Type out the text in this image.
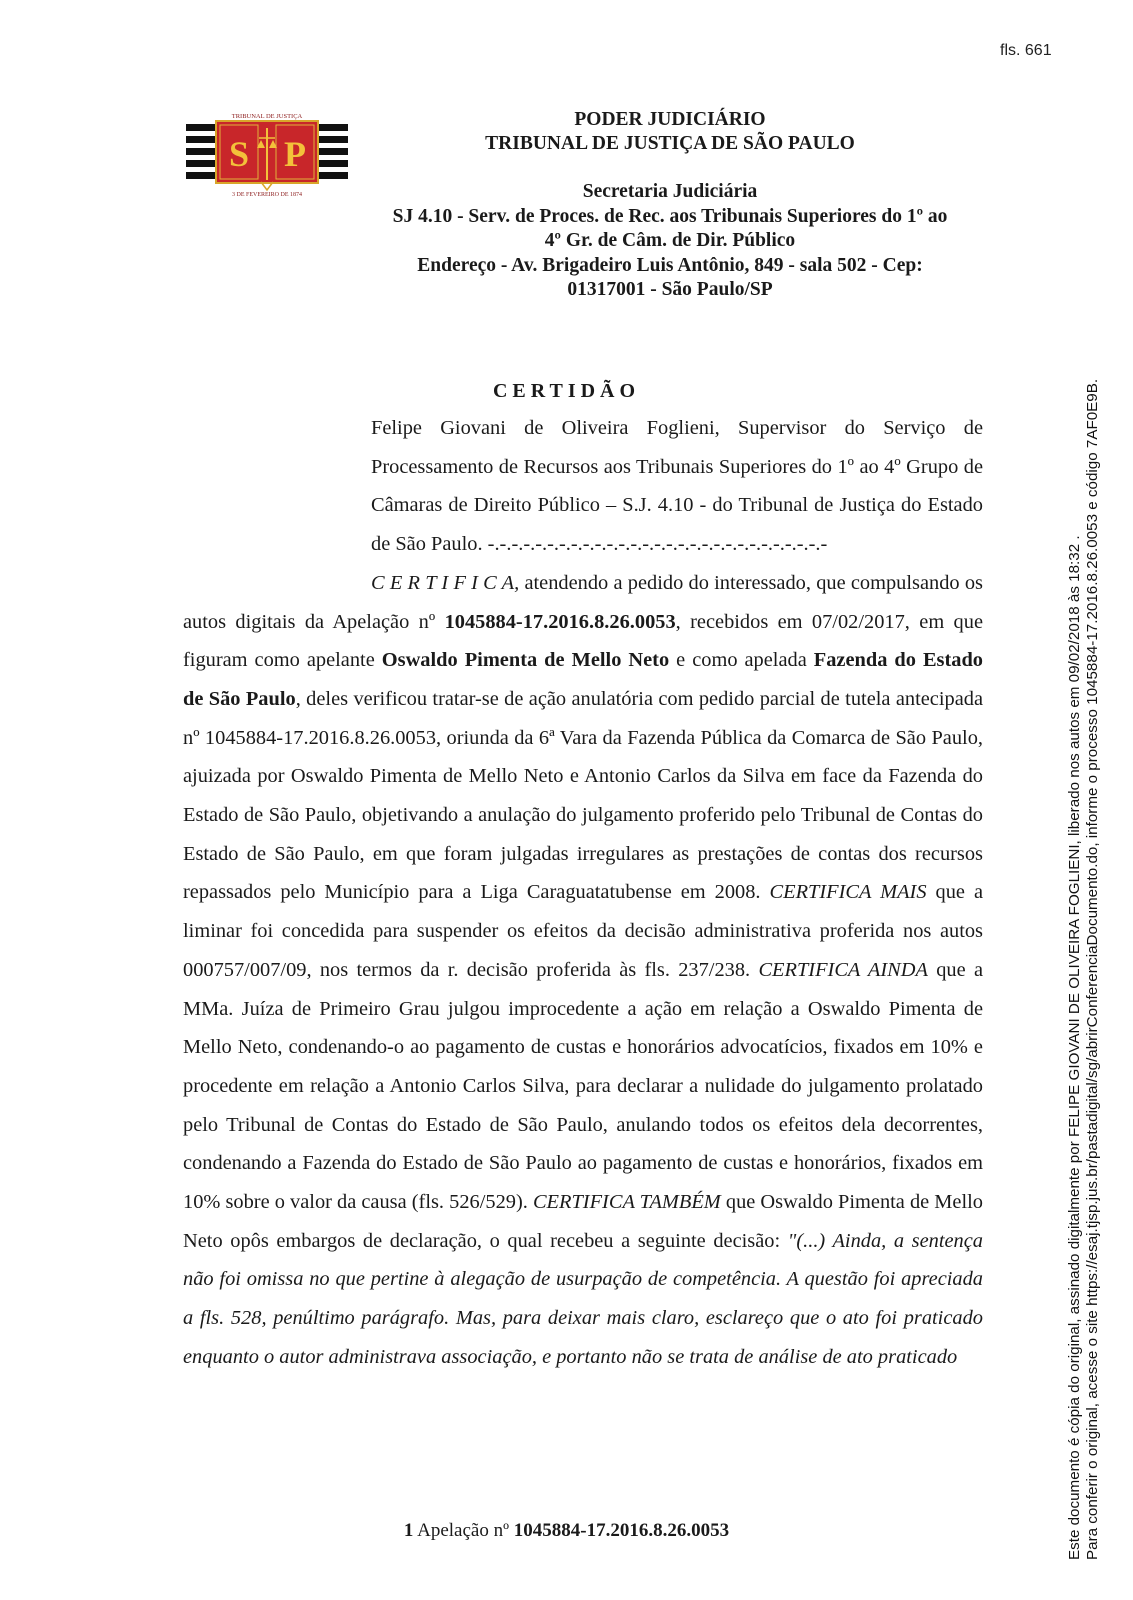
fls. 661
TRIBUNAL DE JUSTIÇA
S P
3 DE FEVEREIRO DE 1874
PODER JUDICIÁRIO
TRIBUNAL DE JUSTIÇA DE SÃO PAULO
Secretaria Judiciária
SJ 4.10 - Serv. de Proces. de Rec. aos Tribunais Superiores do 1º ao
4º Gr. de Câm. de Dir. Público
Endereço - Av. Brigadeiro Luis Antônio, 849 - sala 502 - Cep:
01317001 - São Paulo/SP
CERTIDÃO

Felipe Giovani de Oliveira Foglieni, Supervisor do Serviço de Processamento de Recursos aos Tribunais Superiores do 1º ao 4º Grupo de Câmaras de Direito Público – S.J. 4.10 - do Tribunal de Justiça do Estado de São Paulo. -.-.-.-.-.-.-.-.-.-.-.-.-.-.-.-.-.-.-.-.-.-.-.-.-.-.-.-.-

C E R T I F I C A, atendendo a pedido do interessado, que compulsando os autos digitais da Apelação nº 1045884-17.2016.8.26.0053, recebidos em 07/02/2017, em que figuram como apelante Oswaldo Pimenta de Mello Neto e como apelada Fazenda do Estado de São Paulo, deles verificou tratar-se de ação anulatória com pedido parcial de tutela antecipada nº 1045884-17.2016.8.26.0053, oriunda da 6ª Vara da Fazenda Pública da Comarca de São Paulo, ajuizada por Oswaldo Pimenta de Mello Neto e Antonio Carlos da Silva em face da Fazenda do Estado de São Paulo, objetivando a anulação do julgamento proferido pelo Tribunal de Contas do Estado de São Paulo, em que foram julgadas irregulares as prestações de contas dos recursos repassados pelo Município para a Liga Caraguatatubense em 2008. CERTIFICA MAIS que a liminar foi concedida para suspender os efeitos da decisão administrativa proferida nos autos 000757/007/09, nos termos da r. decisão proferida às fls. 237/238. CERTIFICA AINDA que a MMa. Juíza de Primeiro Grau julgou improcedente a ação em relação a Oswaldo Pimenta de Mello Neto, condenando-o ao pagamento de custas e honorários advocatícios, fixados em 10% e procedente em relação a Antonio Carlos Silva, para declarar a nulidade do julgamento prolatado pelo Tribunal de Contas do Estado de São Paulo, anulando todos os efeitos dela decorrentes, condenando a Fazenda do Estado de São Paulo ao pagamento de custas e honorários, fixados em 10% sobre o valor da causa (fls. 526/529). CERTIFICA TAMBÉM que Oswaldo Pimenta de Mello Neto opôs embargos de declaração, o qual recebeu a seguinte decisão: "(...) Ainda, a sentença não foi omissa no que pertine à alegação de usurpação de competência. A questão foi apreciada a fls. 528, penúltimo parágrafo. Mas, para deixar mais claro, esclareço que o ato foi praticado enquanto o autor administrava associação, e portanto não se trata de análise de ato praticado

1 Apelação nº 1045884-17.2016.8.26.0053	Este documento é cópia do original, assinado digitalmente por FELIPE GIOVANI DE OLIVEIRA FOGLIENI, liberado nos autos em 09/02/2018 às 18:32 . Para conferir o original, acesse o site https://esaj.tjsp.jus.br/pastadigital/sg/abrirConferenciaDocumento.do, informe o processo 1045884-17.2016.8.26.0053 e código 7AF0E9B.
